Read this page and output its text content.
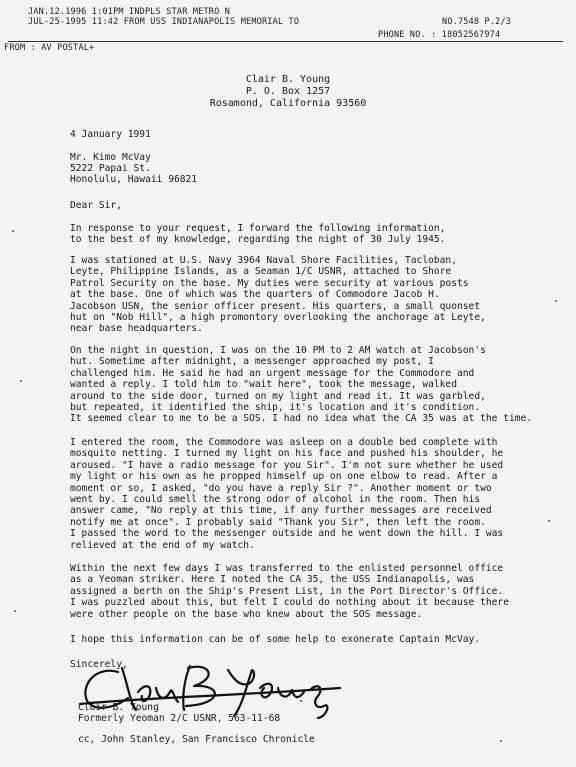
JAN.12.1996 1:01PM INDPLS STAR METRO N
JUL-25-1995 11:42 FROM USS INDIANAPOLIS MEMORIAL TO	NO.7548 P.2/3
PHONE NO. : 18052567974
FROM : AV POSTAL+
Clair B. Young
P. O. Box 1257
Rosamond, California 93560
4 January 1991
Mr. Kimo McVay
5222 Papai St.
Honolulu, Hawaii 96821
Dear Sir,
In response to your request, I forward the following information,
to the best of my knowledge, regarding the night of 30 July 1945.
I was stationed at U.S. Navy 3964 Naval Shore Facilities, Tacloban,
Leyte, Philippine Islands, as a Seaman 1/C USNR, attached to Shore
Patrol Security on the base. My duties were security at various posts
at the base. One of which was the quarters of Commodore Jacob H.
Jacobson USN, the senior officer present. His quarters, a small quonset
hut on "Nob Hill", a high promontory overlooking the anchorage at Leyte,
near base headquarters.
On the night in question, I was on the 10 PM to 2 AM watch at Jacobson's
hut. Sometime after midnight, a messenger approached my post, I
challenged him. He said he had an urgent message for the Commodore and
wanted a reply. I told him to "wait here", took the message, walked
around to the side door, turned on my light and read it. It was garbled,
but repeated, it identified the ship, it's location and it's condition.
It seemed clear to me to be a SOS. I had no idea what the CA 35 was at the time.
I entered the room, the Commodore was asleep on a double bed complete with
mosquito netting. I turned my light on his face and pushed his shoulder, he
aroused. "I have a radio message for you Sir". I'm not sure whether he used
my light or his own as he propped himself up on one elbow to read. After a
moment or so, I asked, "do you have a reply Sir ?". Another moment or two
went by. I could smell the strong odor of alcohol in the room. Then his
answer came, "No reply at this time, if any further messages are received
notify me at once". I probably said "Thank you Sir", then left the room.
I passed the word to the messenger outside and he went down the hill. I was
relieved at the end of my watch.
Within the next few days I was transferred to the enlisted personnel office
as a Yeoman striker. Here I noted the CA 35, the USS Indianapolis, was
assigned a berth on the Ship's Present List, in the Port Director's Office.
I was puzzled about this, but felt I could do nothing about it because there
were other people on the base who knew about the SOS message.
I hope this information can be of some help to exonerate Captain McVay.
Sincerely,
Clair B. Young
Formerly Yeoman 2/C USNR, 563-11-68
cc, John Stanley, San Francisco Chronicle
